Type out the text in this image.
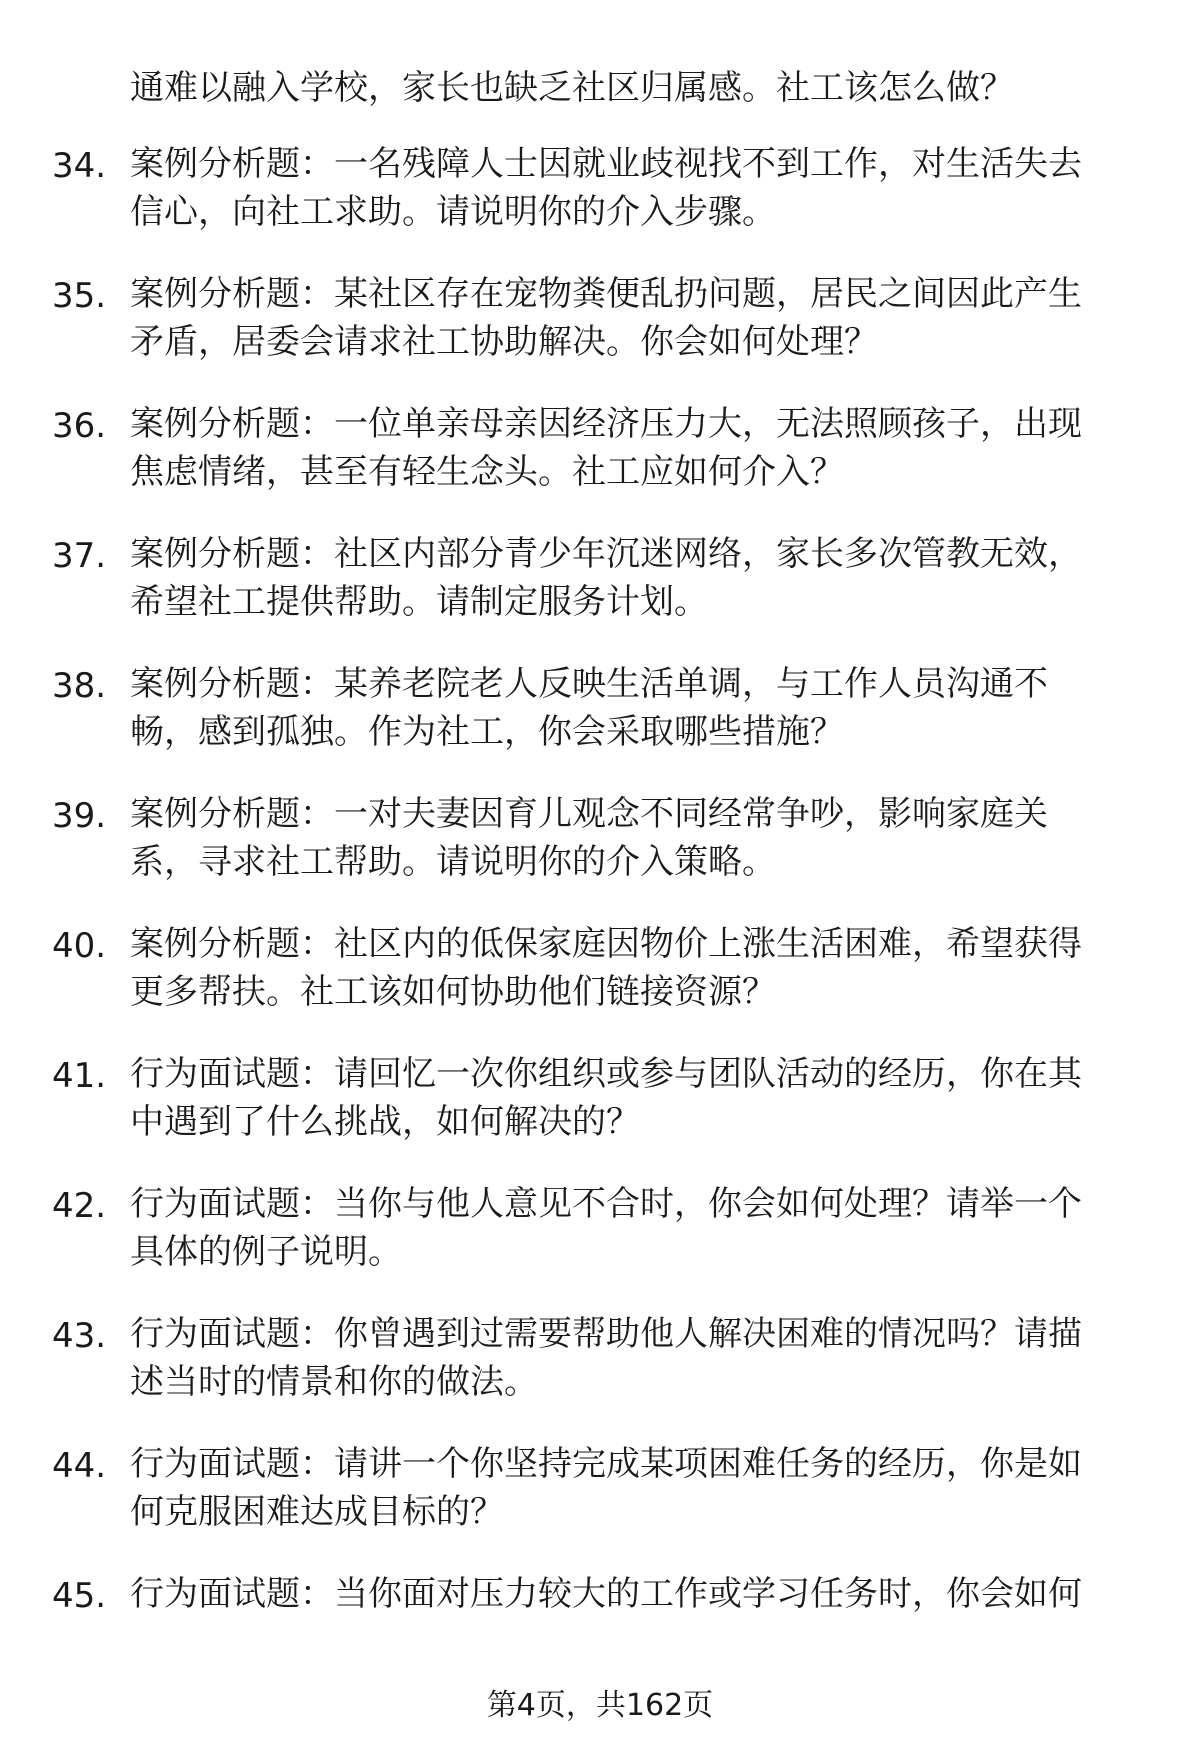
通难以融入学校，家长也缺乏社区归属感。社工该怎么做？
34. 案例分析题：一名残障人士因就业歧视找不到工作，对生活失去
信心，向社工求助。请说明你的介入步骤。
35. 案例分析题：某社区存在宠物粪便乱扔问题，居民之间因此产生
矛盾，居委会请求社工协助解决。你会如何处理？
36. 案例分析题：一位单亲母亲因经济压力大，无法照顾孩子，出现
焦虑情绪，甚至有轻生念头。社工应如何介入？
37. 案例分析题：社区内部分青少年沉迷网络，家长多次管教无效，
希望社工提供帮助。请制定服务计划。
38. 案例分析题：某养老院老人反映生活单调，与工作人员沟通不
畅，感到孤独。作为社工，你会采取哪些措施？
39. 案例分析题：一对夫妻因育儿观念不同经常争吵，影响家庭关
系，寻求社工帮助。请说明你的介入策略。
40. 案例分析题：社区内的低保家庭因物价上涨生活困难，希望获得
更多帮扶。社工该如何协助他们链接资源？
41. 行为面试题：请回忆一次你组织或参与团队活动的经历，你在其
中遇到了什么挑战，如何解决的？
42. 行为面试题：当你与他人意见不合时，你会如何处理？请举一个
具体的例子说明。
43. 行为面试题：你曾遇到过需要帮助他人解决困难的情况吗？请描
述当时的情景和你的做法。
44. 行为面试题：请讲一个你坚持完成某项困难任务的经历，你是如
何克服困难达成目标的？
45. 行为面试题：当你面对压力较大的工作或学习任务时，你会如何
第4页，共162页
